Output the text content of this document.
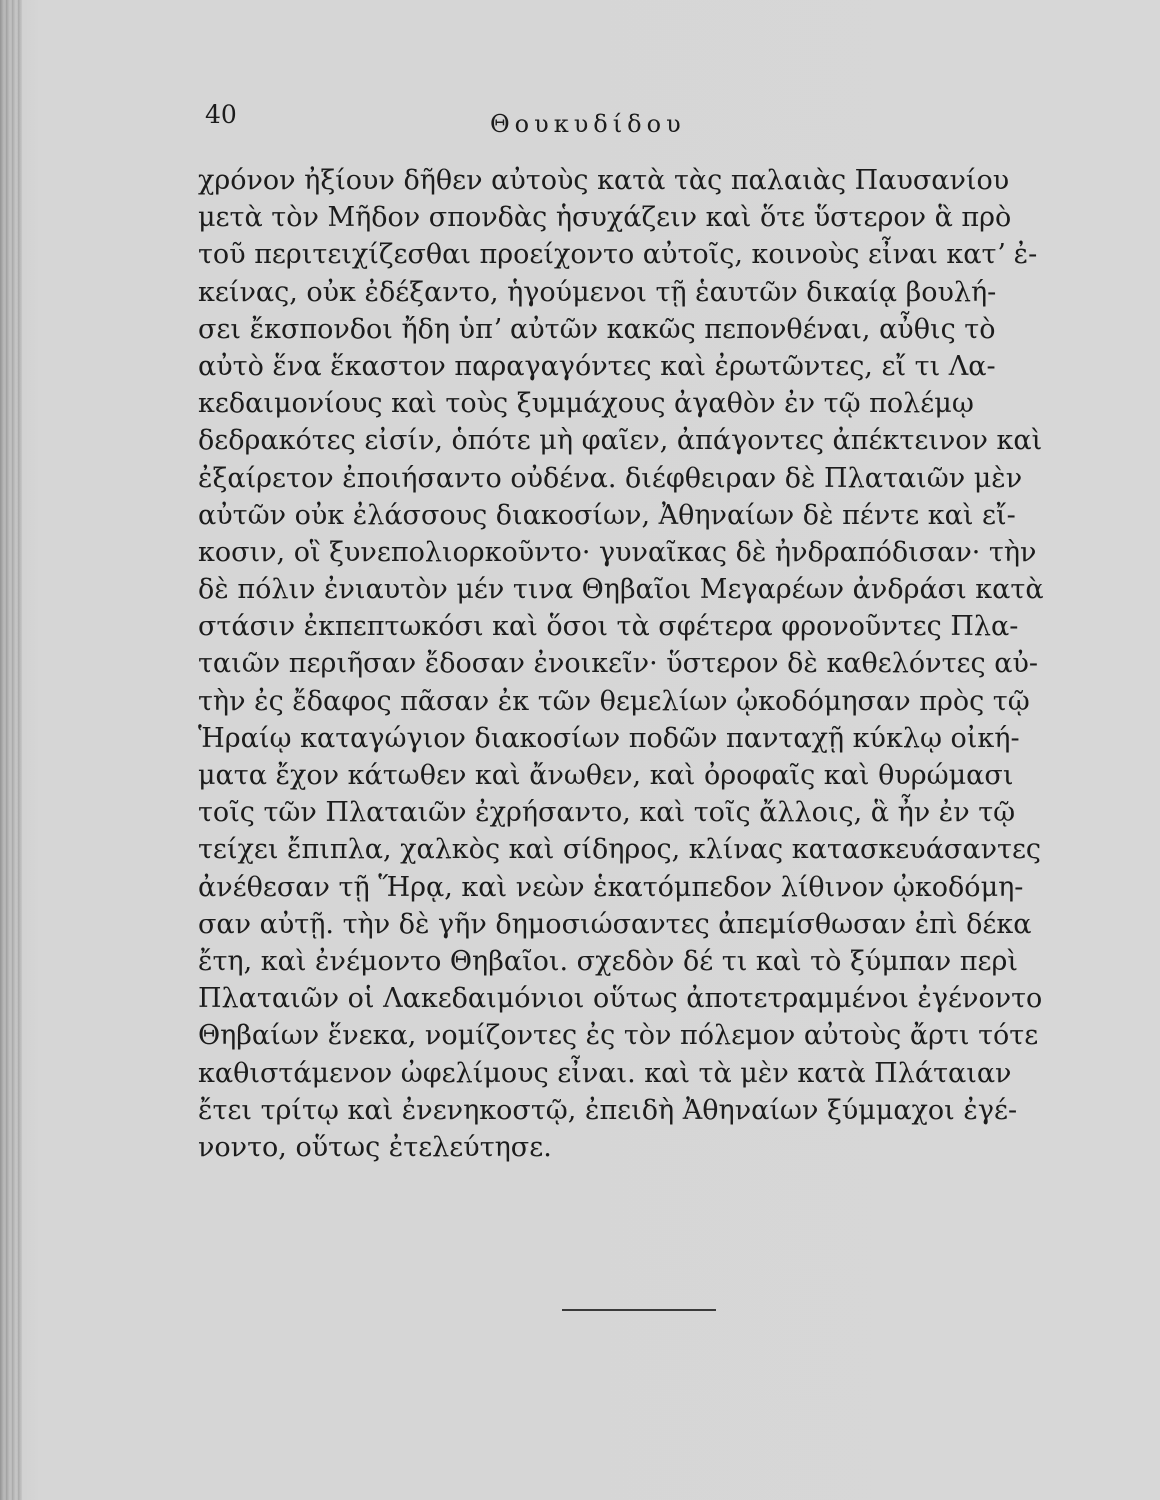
40	Θουκυδίδου
χρόνον ἠξίουν δῆθεν αὐτοὺς κατὰ τὰς παλαιὰς Παυσανίου
μετὰ τὸν Μῆδον σπονδὰς ἡσυχάζειν καὶ ὅτε ὕστερον ἃ πρὸ
τοῦ περιτειχίζεσθαι προείχοντο αὐτοῖς, κοινοὺς εἶναι κατʼ ἐ-
κείνας, οὐκ ἐδέξαντο, ἡγούμενοι τῇ ἑαυτῶν δικαίᾳ βουλή-
σει ἔκσπονδοι ἤδη ὑπʼ αὐτῶν κακῶς πεπονθέναι, αὖθις τὸ
αὐτὸ ἕνα ἕκαστον παραγαγόντες καὶ ἐρωτῶντες, εἴ τι Λα-
κεδαιμονίους καὶ τοὺς ξυμμάχους ἀγαθὸν ἐν τῷ πολέμῳ
δεδρακότες εἰσίν, ὁπότε μὴ φαῖεν, ἀπάγοντες ἀπέκτεινον καὶ
ἐξαίρετον ἐποιήσαντο οὐδένα. διέφθειραν δὲ Πλαταιῶν μὲν
αὐτῶν οὐκ ἐλάσσους διακοσίων, Ἀθηναίων δὲ πέντε καὶ εἴ-
κοσιν, οἳ ξυνεπολιορκοῦντο· γυναῖκας δὲ ἠνδραπόδισαν· τὴν
δὲ πόλιν ἐνιαυτὸν μέν τινα Θηβαῖοι Μεγαρέων ἀνδράσι κατὰ
στάσιν ἐκπεπτωκόσι καὶ ὅσοι τὰ σφέτερα φρονοῦντες Πλα-
ταιῶν περιῆσαν ἔδοσαν ἐνοικεῖν· ὕστερον δὲ καθελόντες αὐ-
τὴν ἐς ἔδαφος πᾶσαν ἐκ τῶν θεμελίων ᾠκοδόμησαν πρὸς τῷ
Ἡραίῳ καταγώγιον διακοσίων ποδῶν πανταχῇ κύκλῳ οἰκή-
ματα ἔχον κάτωθεν καὶ ἄνωθεν, καὶ ὀροφαῖς καὶ θυρώμασι
τοῖς τῶν Πλαταιῶν ἐχρήσαντο, καὶ τοῖς ἄλλοις, ἃ ἦν ἐν τῷ
τείχει ἔπιπλα, χαλκὸς καὶ σίδηρος, κλίνας κατασκευάσαντες
ἀνέθεσαν τῇ Ἥρᾳ, καὶ νεὼν ἑκατόμπεδον λίθινον ᾠκοδόμη-
σαν αὐτῇ. τὴν δὲ γῆν δημοσιώσαντες ἀπεμίσθωσαν ἐπὶ δέκα
ἔτη, καὶ ἐνέμοντο Θηβαῖοι. σχεδὸν δέ τι καὶ τὸ ξύμπαν περὶ
Πλαταιῶν οἱ Λακεδαιμόνιοι οὕτως ἀποτετραμμένοι ἐγένοντο
Θηβαίων ἕνεκα, νομίζοντες ἐς τὸν πόλεμον αὐτοὺς ἄρτι τότε
καθιστάμενον ὠφελίμους εἶναι. καὶ τὰ μὲν κατὰ Πλάταιαν
ἔτει τρίτῳ καὶ ἐνενηκοστῷ, ἐπειδὴ Ἀθηναίων ξύμμαχοι ἐγέ-
νοντο, οὕτως ἐτελεύτησε.
